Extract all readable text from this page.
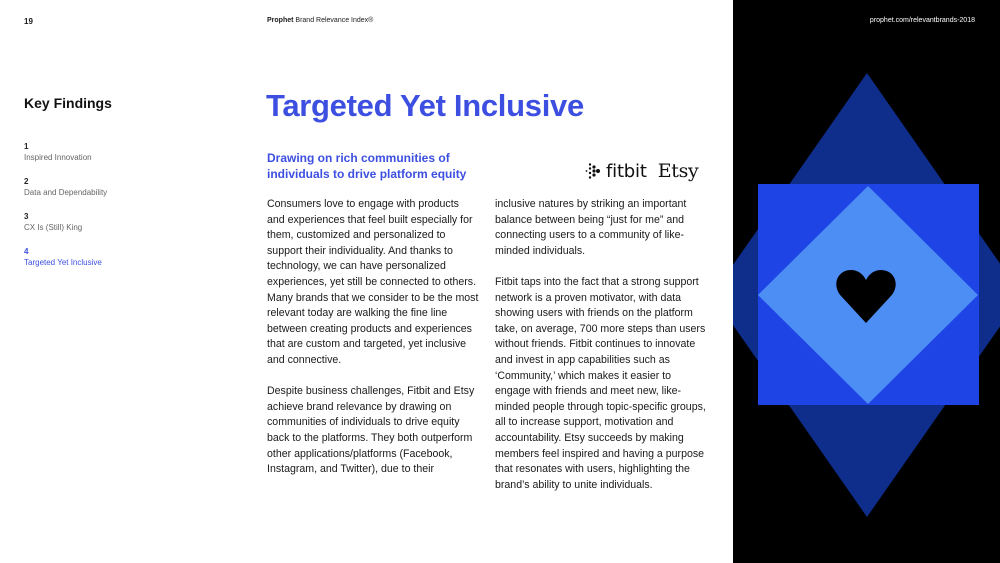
19	Prophet Brand Relevance Index®	prophet.com/relevantbrands-2018
Key Findings
1
Inspired Innovation
2
Data and Dependability
3
CX Is (Still) King
4
Targeted Yet Inclusive
Targeted Yet Inclusive
Drawing on rich communities of individuals to drive platform equity	fitbit Etsy

Consumers love to engage with products and experiences that feel built especially for them, customized and personalized to support their individuality. And thanks to technology, we can have personalized experiences, yet still be connected to others. Many brands that we consider to be the most relevant today are walking the fine line between creating products and experiences that are custom and targeted, yet inclusive and connective.

Despite business challenges, Fitbit and Etsy achieve brand relevance by drawing on communities of individuals to drive equity back to the platforms. They both outperform other applications/platforms (Facebook, Instagram, and Twitter), due to their

inclusive natures by striking an important balance between being “just for me” and connecting users to a community of like-minded individuals.

Fitbit taps into the fact that a strong support network is a proven motivator, with data showing users with friends on the platform take, on average, 700 more steps than users without friends. Fitbit continues to innovate and invest in app capabilities such as ‘Community,’ which makes it easier to engage with friends and meet new, like-minded people through topic-specific groups, all to increase support, motivation and accountability. Etsy succeeds by making members feel inspired and having a purpose that resonates with users, highlighting the brand’s ability to unite individuals.
